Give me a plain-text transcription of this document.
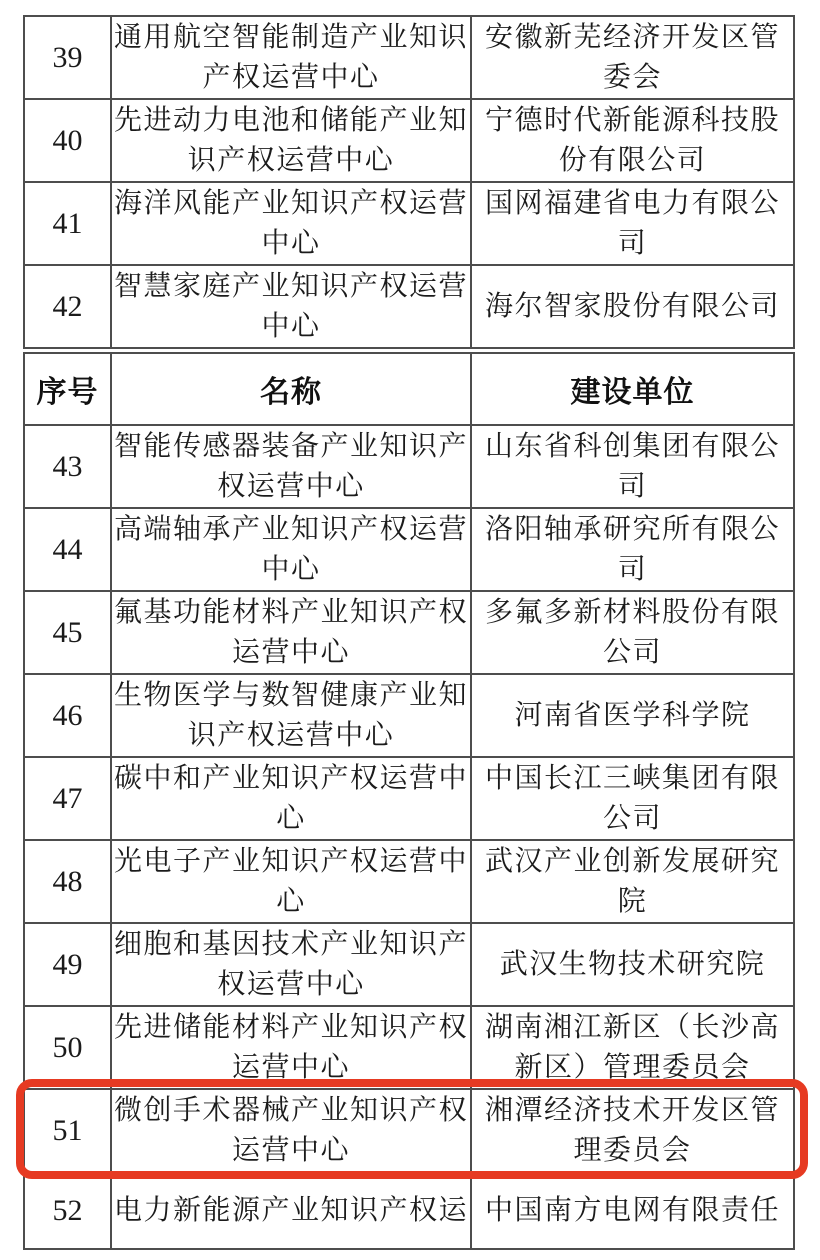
39	通用航空智能制造产业知识产权运营中心	安徽新芜经济开发区管委会
40	先进动力电池和储能产业知识产权运营中心	宁德时代新能源科技股份有限公司
41	海洋风能产业知识产权运营中心	国网福建省电力有限公司
42	智慧家庭产业知识产权运营中心	海尔智家股份有限公司
序号	名称	建设单位
43	智能传感器装备产业知识产权运营中心	山东省科创集团有限公司
44	高端轴承产业知识产权运营中心	洛阳轴承研究所有限公司
45	氟基功能材料产业知识产权运营中心	多氟多新材料股份有限公司
46	生物医学与数智健康产业知识产权运营中心	河南省医学科学院
47	碳中和产业知识产权运营中心	中国长江三峡集团有限公司
48	光电子产业知识产权运营中心	武汉产业创新发展研究院
49	细胞和基因技术产业知识产权运营中心	武汉生物技术研究院
50	先进储能材料产业知识产权运营中心	湖南湘江新区（长沙高新区）管理委员会
51	微创手术器械产业知识产权运营中心	湘潭经济技术开发区管理委员会
52	电力新能源产业知识产权运	中国南方电网有限责任
